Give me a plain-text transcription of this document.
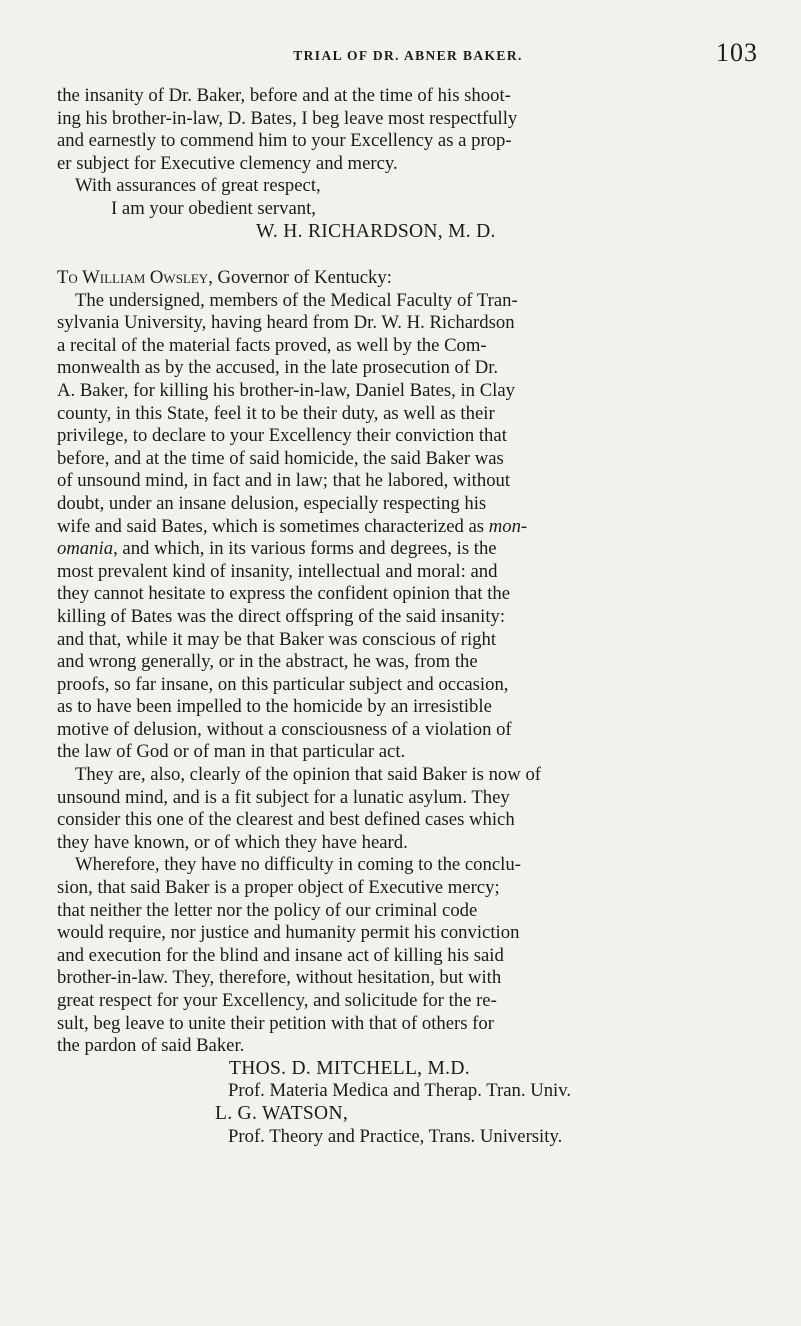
TRIAL OF DR. ABNER BAKER.	103
the insanity of Dr. Baker, before and at the time of his shoot-
ing his brother-in-law, D. Bates, I beg leave most respectfully
and earnestly to commend him to your Excellency as a prop-
er subject for Executive clemency and mercy.
With assurances of great respect,
I am your obedient servant,
W. H. RICHARDSON, M. D.
To William Owsley, Governor of Kentucky:
The undersigned, members of the Medical Faculty of Tran-
sylvania University, having heard from Dr. W. H. Richardson
a recital of the material facts proved, as well by the Com-
monwealth as by the accused, in the late prosecution of Dr.
A. Baker, for killing his brother-in-law, Daniel Bates, in Clay
county, in this State, feel it to be their duty, as well as their
privilege, to declare to your Excellency their conviction that
before, and at the time of said homicide, the said Baker was
of unsound mind, in fact and in law; that he labored, without
doubt, under an insane delusion, especially respecting his
wife and said Bates, which is sometimes characterized as mon-
omania, and which, in its various forms and degrees, is the
most prevalent kind of insanity, intellectual and moral: and
they cannot hesitate to express the confident opinion that the
killing of Bates was the direct offspring of the said insanity:
and that, while it may be that Baker was conscious of right
and wrong generally, or in the abstract, he was, from the
proofs, so far insane, on this particular subject and occasion,
as to have been impelled to the homicide by an irresistible
motive of delusion, without a consciousness of a violation of
the law of God or of man in that particular act.
They are, also, clearly of the opinion that said Baker is now of
unsound mind, and is a fit subject for a lunatic asylum. They
consider this one of the clearest and best defined cases which
they have known, or of which they have heard.
Wherefore, they have no difficulty in coming to the conclu-
sion, that said Baker is a proper object of Executive mercy;
that neither the letter nor the policy of our criminal code
would require, nor justice and humanity permit his conviction
and execution for the blind and insane act of killing his said
brother-in-law. They, therefore, without hesitation, but with
great respect for your Excellency, and solicitude for the re-
sult, beg leave to unite their petition with that of others for
the pardon of said Baker.
THOS. D. MITCHELL, M.D.
Prof. Materia Medica and Therap. Tran. Univ.
L. G. WATSON,
Prof. Theory and Practice, Trans. University.
